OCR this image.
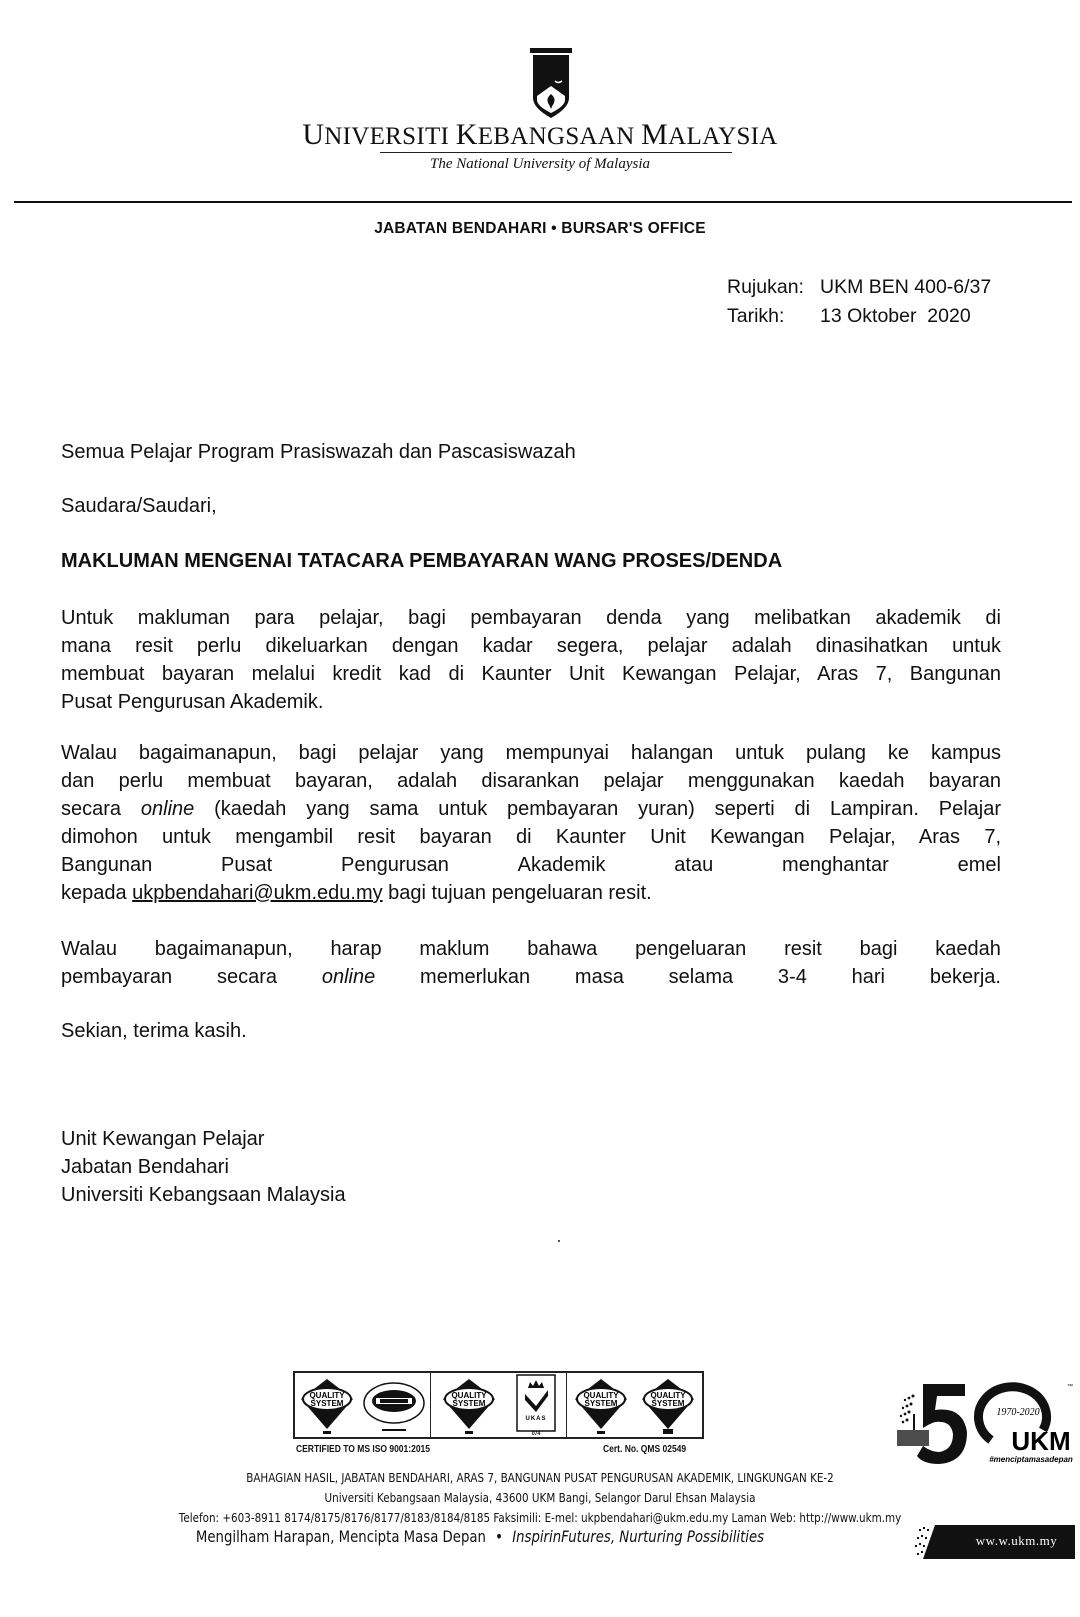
UNIVERSITI KEBANGSAAN MALAYSIA
The National University of Malaysia
JABATAN BENDAHARI • BURSAR'S OFFICE
Rujukan: UKM BEN 400-6/37
Tarikh: 13 Oktober  2020
Semua Pelajar Program Prasiswazah dan Pascasiswazah
Saudara/Saudari,
MAKLUMAN MENGENAI TATACARA PEMBAYARAN WANG PROSES/DENDA
Untuk makluman para pelajar, bagi pembayaran denda yang melibatkan akademik di
mana resit perlu dikeluarkan dengan kadar segera, pelajar adalah dinasihatkan untuk
membuat bayaran melalui kredit kad di Kaunter Unit Kewangan Pelajar, Aras 7, Bangunan
Pusat Pengurusan Akademik.
Walau bagaimanapun, bagi pelajar yang mempunyai halangan untuk pulang ke kampus
dan perlu membuat bayaran, adalah disarankan pelajar menggunakan kaedah bayaran
secara online (kaedah yang sama untuk pembayaran yuran) seperti di Lampiran. Pelajar
dimohon untuk mengambil resit bayaran di Kaunter Unit Kewangan Pelajar, Aras 7,
Bangunan	Pusat	Pengurusan	Akademik	atau	menghantar	emel
kepada ukpbendahari@ukm.edu.my bagi tujuan pengeluaran resit.
Walau bagaimanapun, harap maklum bahawa pengeluaran resit bagi kaedah
pembayaran secara online memerlukan masa selama 3-4 hari bekerja.
Sekian, terima kasih.
Unit Kewangan Pelajar
Jabatan Bendahari
Universiti Kebangsaan Malaysia
QUALITY
SYSTEM
QUALITY
SYSTEM
UKAS
074
QUALITY
SYSTEM
QUALITY
SYSTEM
CERTIFIED TO MS ISO 9001:2015	Cert. No. QMS 02549
1970-2020
UKM
#menciptamasadepan
™
BAHAGIAN HASIL, JABATAN BENDAHARI, ARAS 7, BANGUNAN PUSAT PENGURUSAN AKADEMIK, LINGKUNGAN KE-2
Universiti Kebangsaan Malaysia, 43600 UKM Bangi, Selangor Darul Ehsan Malaysia
Telefon: +603-8911 8174/8175/8176/8177/8183/8184/8185 Faksimili: E-mel: ukpbendahari@ukm.edu.my Laman Web: http://www.ukm.my
Mengilham Harapan, Mencipta Masa Depan • InspirinFutures, Nurturing Possibilities	ww.w.ukm.my
